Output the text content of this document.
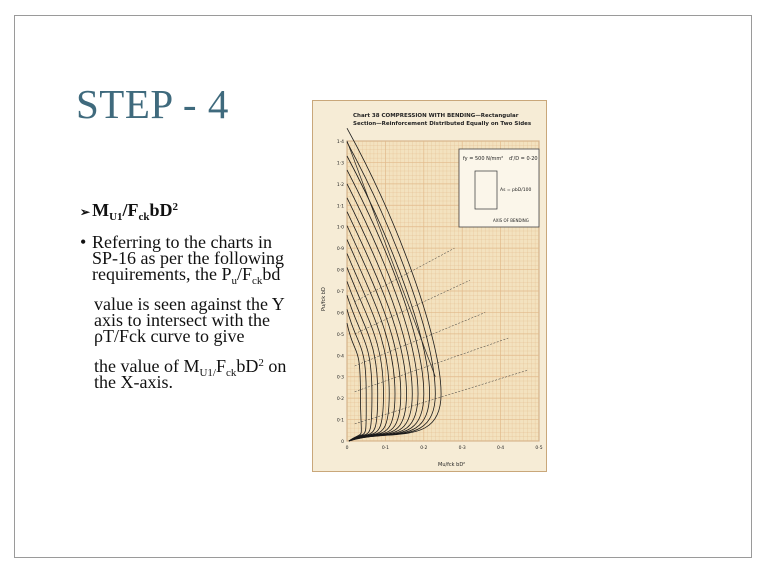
STEP - 4
➢ $M_{U1}/F_{ck}bD^2$
• Referring to the charts in SP-16 as per the following requirements, the $P_u/F_{ck}bd$
value is seen against the Y axis to intersect with the ρT/Fck curve to give
the value of $M_{U1/}F_{ck}bD^2$ on the X-axis.
Chart 38 COMPRESSION WITH BENDING—Rectangular
Section—Reinforcement Distributed Equally on Two Sides
fy = 500 N/mm² d'/D = 0·20
As = pbD/100
AXIS OF BENDING
1·4
1·3
1·2
1·1
1·0
0·9
0·8
0·7
0·6
0·5
0·4
0·3
0·2
0·1
0
0	0·1	0·2	0·3	0·4	0·5
Mu/fck bD²
Pu/fck bD
